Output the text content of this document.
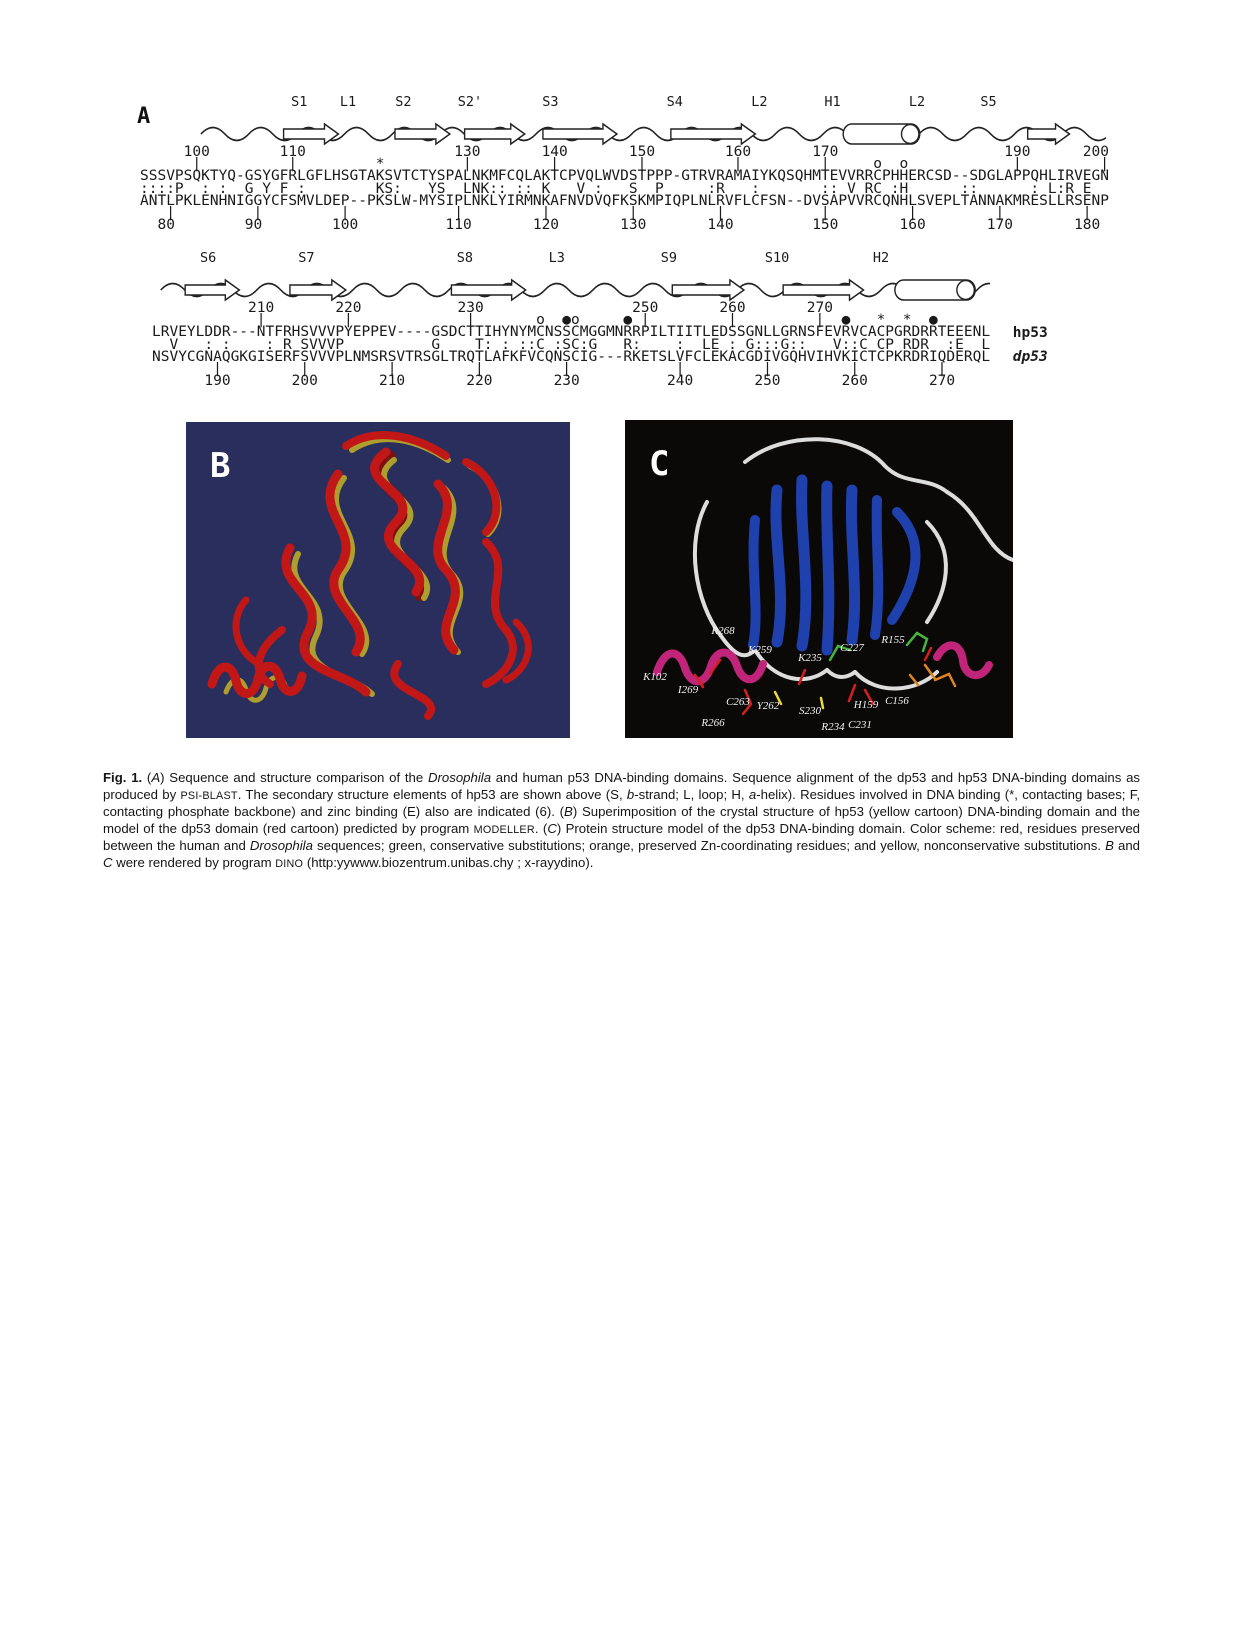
A
S1 L1	S2	S2'	S3	S4	L2	H1	L2	S5
100        110                 130       140       150        160       170                   190      200
|          |         *         |         |         |          |         |     o  o            |         |
SSSVPSQKTYQ-GSYGFRLGFLHSGTAKSVTCTYSPALNKMFCQLAKTCPVQLWVDSTPPP-GTRVRAMAIYKQSQHMTEVVRRCPHHERCSD--SDGLAPPQHLIRVEGN
::::P  : :  G Y F :        KS:   YS  LNK:: :: K   V :   S  P     :R   :       :: V RC :H      ::      : L:R E
ANTLPKLENHNIGGYCFSMVLDEP--PKSLW-MYSIPLNKLYIRMNKAFNVDVQFKSKMPIQPLNLRVFLCFSN--DVSAPVVRCQNHLSVEPLTANNAKMRESLLRSENP
|         |         |            |         |         |         |           |         |         |         |
80        90        100          110       120       130       140         150       160       170       180
S6	S7	S8	L3	S9	S10	H2
210       220           230                 250       260       270
|         |             |       o  ●o     ● |         |         |  ●   *  *  ●
LRVEYLDDR---NTFRHSVVVPYEPPEV----GSDCTTIHYNYMCNSSCMGGMNRRPILTIITLEDSSGNLLGRNSFEVRVCACPGRDRRTEEENL
V   : :    : R SVVVP          G    T: : ::C :SC:G   R:    :  LE : G:::G::   V::C CP RDR  :E  L
NSVYCGNAQGKGISERFSVVVPLNMSRSVTRSGLTRQTLAFKFVCQNSCIG---RKETSLVFCLEKACGDIVGQHVIHVKICTCPKRDRIQDERQL
|         |         |         |         |            |         |         |         |
190       200       210       220       230          240       250       260       270
hp53
dp53
B	C
R268
K259
K235
C227
R155
K102
I269
C263 Y262 S230	H159 C156
R266	R234 C231

Fig. 1. (A) Sequence and structure comparison of the Drosophila and human p53 DNA-binding domains. Sequence alignment of the dp53 and hp53 DNA-binding domains as produced by PSI-BLAST. The secondary structure elements of hp53 are shown above (S, b-strand; L, loop; H, a-helix). Residues involved in DNA binding (*, contacting bases; F, contacting phosphate backbone) and zinc binding (E) also are indicated (6). (B) Superimposition of the crystal structure of hp53 (yellow cartoon) DNA-binding domain and the model of the dp53 domain (red cartoon) predicted by program MODELLER. (C) Protein structure model of the dp53 DNA-binding domain. Color scheme: red, residues preserved between the human and Drosophila sequences; green, conservative substitutions; orange, preserved Zn-coordinating residues; and yellow, nonconservative substitutions. B and C were rendered by program DINO (http:yywww.biozentrum.unibas.chy ; x-rayydino).
